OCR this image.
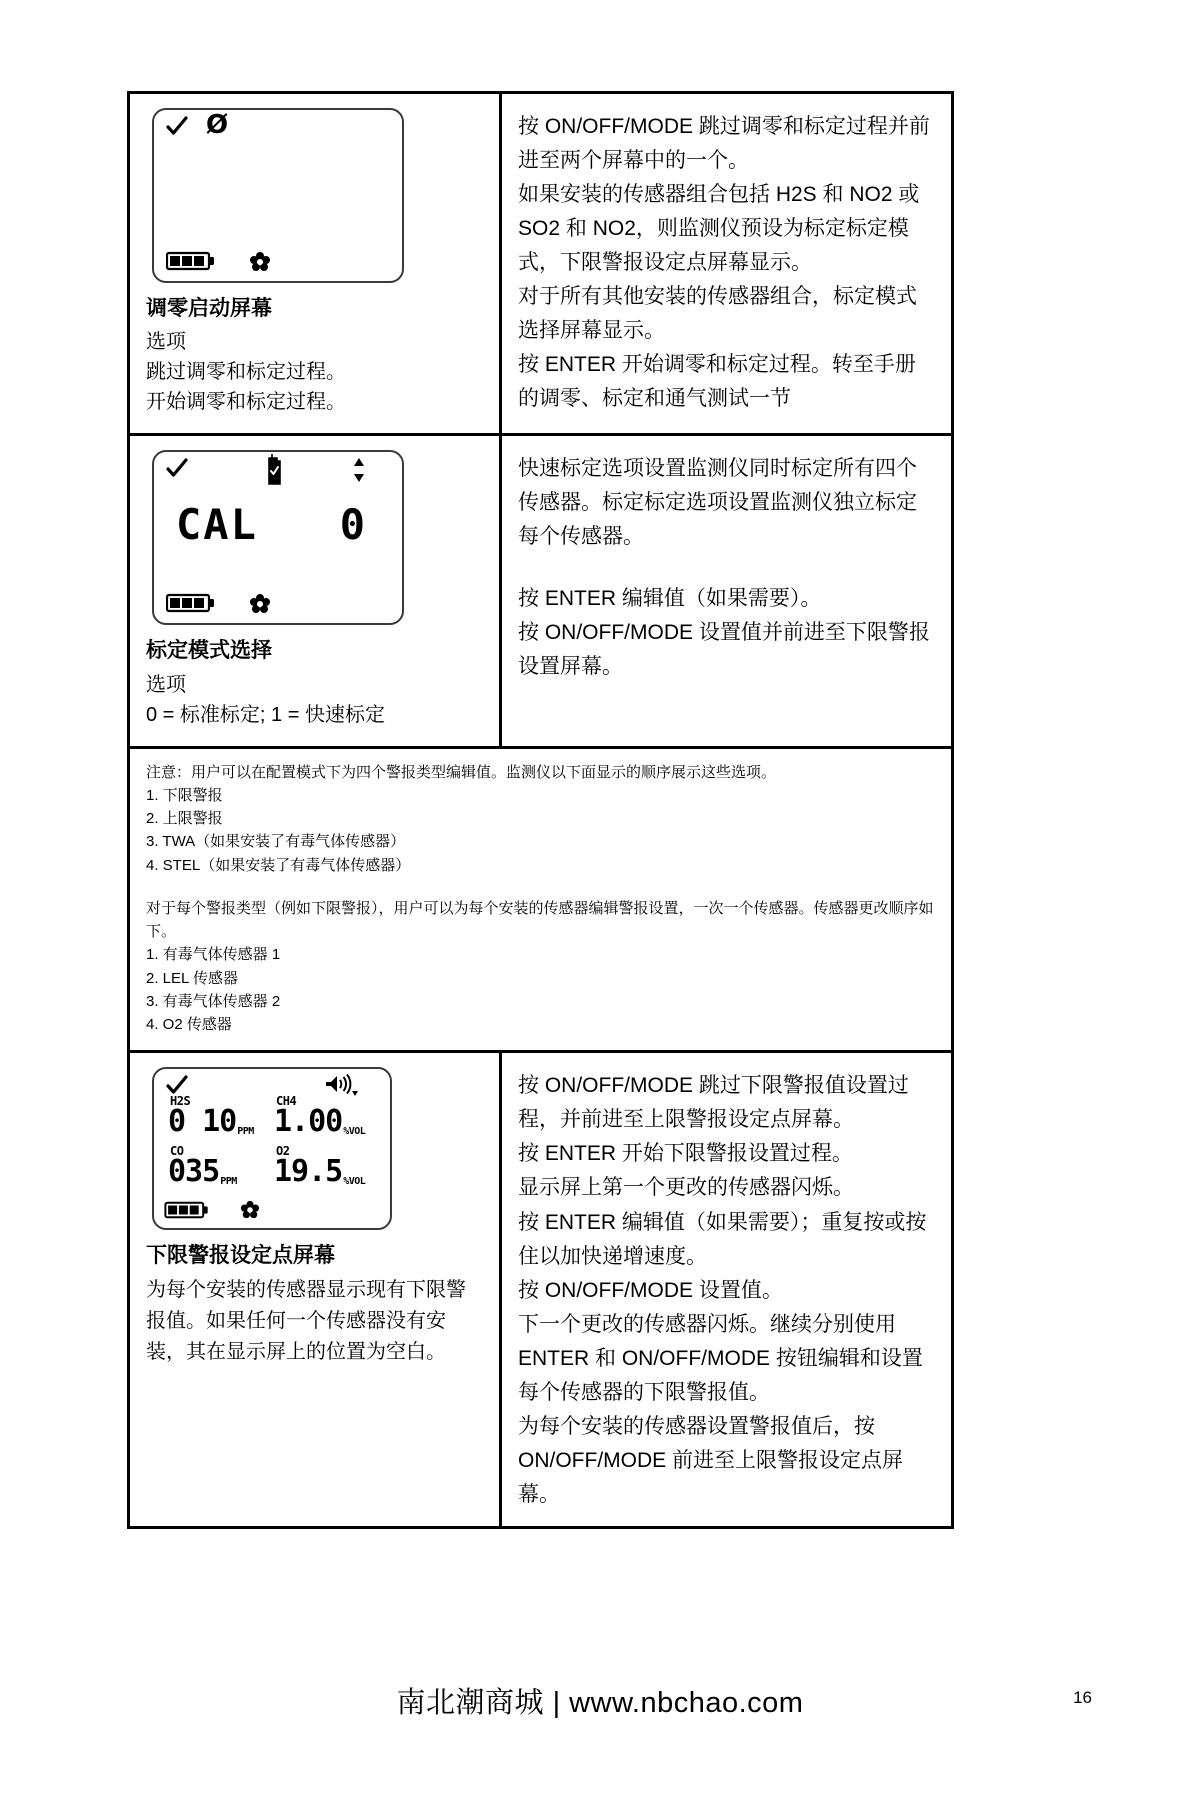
Ø
调零启动屏幕
选项
跳过调零和标定过程。
开始调零和标定过程。

按 ON/OFF/MODE 跳过调零和标定过程并前进至两个屏幕中的一个。

如果安装的传感器组合包括 H2S 和 NO2 或 SO2 和 NO2，则监测仪预设为标定标定模式，下限警报设定点屏幕显示。

对于所有其他安装的传感器组合，标定模式选择屏幕显示。

按 ENTER 开始调零和标定过程。转至手册的调零、标定和通气测试一节

CAL   0
标定模式选择
选项
0 = 标准标定; 1 = 快速标定

快速标定选项设置监测仪同时标定所有四个传感器。标定标定选项设置监测仪独立标定每个传感器。

按 ENTER 编辑值（如果需要）。

按 ON/OFF/MODE 设置值并前进至下限警报设置屏幕。

注意：用户可以在配置模式下为四个警报类型编辑值。监测仪以下面显示的顺序展示这些选项。

1. 下限警报

2. 上限警报

3. TWA（如果安装了有毒气体传感器）

4. STEL（如果安装了有毒气体传感器）

对于每个警报类型（例如下限警报），用户可以为每个安装的传感器编辑警报设置，一次一个传感器。传感器更改顺序如下。

1. 有毒气体传感器 1

2. LEL 传感器

3. 有毒气体传感器 2

4. O2 传感器

H2S
0 10PPM
CH4
1.00%VOL
CO
035PPM
O2
19.5%VOL
下限警报设定点屏幕
为每个安装的传感器显示现有下限警报值。如果任何一个传感器没有安装，其在显示屏上的位置为空白。

按 ON/OFF/MODE 跳过下限警报值设置过程，并前进至上限警报设定点屏幕。

按 ENTER 开始下限警报设置过程。

显示屏上第一个更改的传感器闪烁。

按 ENTER 编辑值（如果需要）；重复按或按住以加快递增速度。

按 ON/OFF/MODE 设置值。

下一个更改的传感器闪烁。继续分别使用 ENTER 和 ON/OFF/MODE 按钮编辑和设置每个传感器的下限警报值。

为每个安装的传感器设置警报值后，按 ON/OFF/MODE 前进至上限警报设定点屏幕。

南北潮商城 | www.nbchao.com	16
